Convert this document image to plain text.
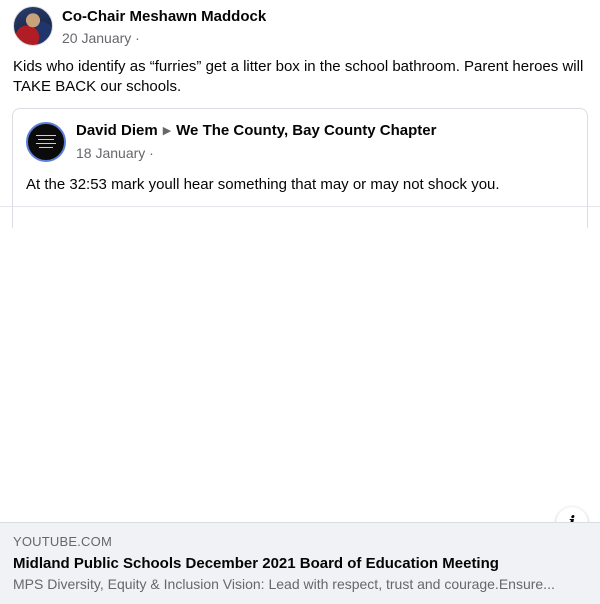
Co-Chair Meshawn Maddock
20 January ·
Kids who identify as “furries” get a litter box in the school bathroom. Parent heroes will TAKE BACK our schools.
David Diem ▶ We The County, Bay County Chapter
18 January ·
At the 32:53 mark youll hear something that may or may not shock you.
YOUTUBE.COM
Midland Public Schools December 2021 Board of Education Meeting
MPS Diversity, Equity & Inclusion Vision: Lead with respect, trust and courage.Ensure...
